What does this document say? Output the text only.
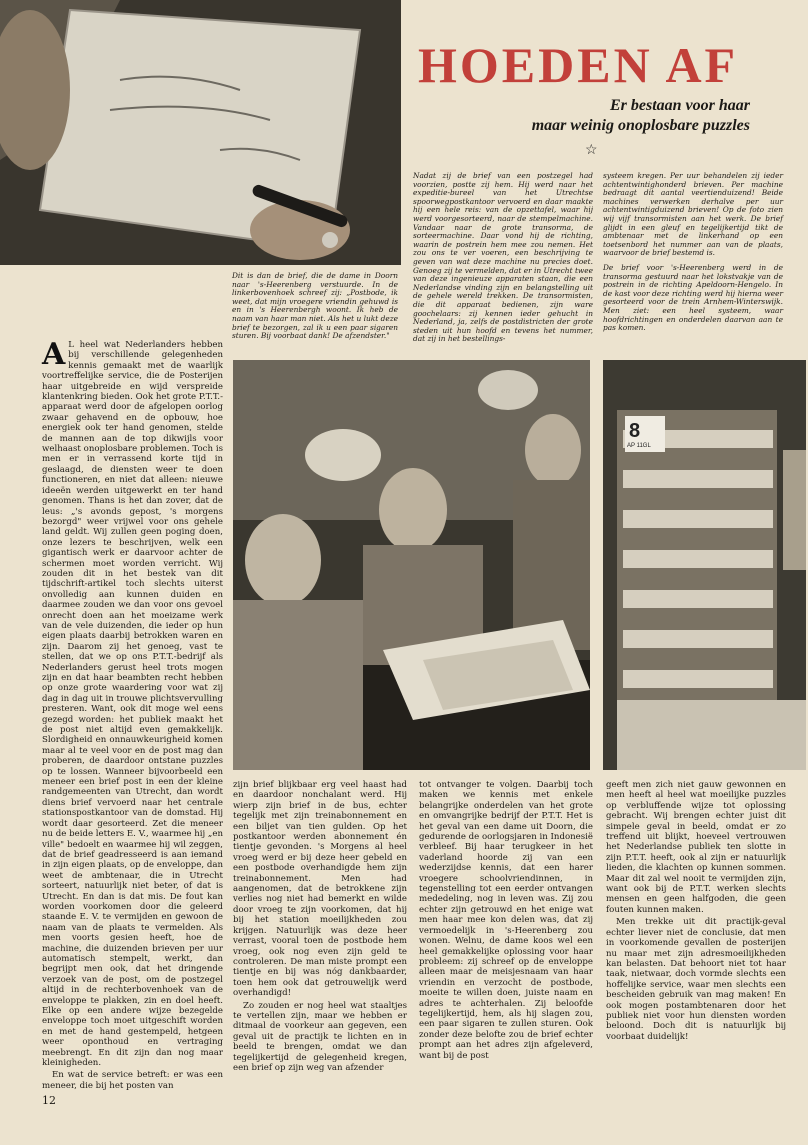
HOEDEN AF
Er bestaan voor haar
maar weinig onoplosbare puzzles
☆
Dit is dan de brief, die de dame in Doorn naar 's-Heerenberg verstuurde. In de linkerbovenhoek schreef zij: „Postbode, ik weet, dat mijn vroegere vriendin gehuwd is en in 's Heerenbergh woont. Ik heb de naam van haar man niet. Als het u lukt deze brief te bezorgen, zal ik u een paar sigaren sturen. Bij voorbaat dank! De afzendster."
Nadat zij de brief van een postzegel had voorzien, postte zij hem. Hij werd naar het expeditie-bureel van het Utrechtse spoorwegpostkantoor vervoerd en daar maakte hij een hele reis: van de opzettafel, waar hij werd voorgesorteerd, naar de stempelmachine. Vandaar naar de grote transorma, de sorteermachine. Daar vond hij de richting, waarin de postrein hem mee zou nemen. Het zou ons te ver voeren, een beschrijving te geven van wat deze machine nu precies doet. Genoeg zij te vermelden, dat er in Utrecht twee van deze ingenieuze apparaten staan, die een Nederlandse vinding zijn en belangstelling uit de gehele wereld trekken. De transormisten, die dit apparaat bedienen, zijn ware goochelaars: zij kennen ieder gehucht in Nederland, ja, zelfs de postdistricten der grote steden uit hun hoofd en tevens het nummer, dat zij in het bestellings-
systeem kregen. Per uur behandelen zij ieder achtentwintighonderd brieven. Per machine bedraagt dit aantal veertienduizend! Beide machines verwerken derhalve per uur achtentwintigduizend brieven! Op de foto zien wij vijf transormisten aan het werk. De brief glijdt in een gleuf en tegelijkertijd tikt de ambtenaar met de linkerhand op een toetsenbord het nummer aan van de plaats, waarvoor de brief bestemd is.
De brief voor 's-Heerenberg werd in de transorma gestuurd naar het lokstvakje van de postrein in de richting Apeldoorn-Hengelo. In de kast voor deze richting werd hij hierna weer gesorteerd voor de trein Arnhem-Winterswijk. Men ziet: een heel systeem, waar hoofdrichtingen en onderdelen daarvan aan te pas komen.
8
AP 11GL
A L heel wat Nederlanders hebben bij verschillende gelegenheden kennis gemaakt met de waarlijk voortreffelijke service, die de Posterijen haar uitgebreide en wijd verspreide klantenkring bieden. Ook het grote P.T.T.-apparaat werd door de afgelopen oorlog zwaar gehavend en de opbouw, hoe energiek ook ter hand genomen, stelde de mannen aan de top dikwijls voor welhaast onoplosbare problemen. Toch is men er in verrassend korte tijd in geslaagd, de diensten weer te doen functioneren, en niet dat alleen: nieuwe ideeën werden uitgewerkt en ter hand genomen. Thans is het dan zover, dat de leus: „'s avonds gepost, 's morgens bezorgd" weer vrijwel voor ons gehele land geldt. Wij zullen geen poging doen, onze lezers te beschrijven, welk een gigantisch werk er daarvoor achter de schermen moet worden verricht. Wij zouden dit in het bestek van dit tijdschrift-artikel toch slechts uiterst onvolledig aan kunnen duiden en daarmee zouden we dan voor ons gevoel onrecht doen aan het moeizame werk van de vele duizenden, die ieder op hun eigen plaats daarbij betrokken waren en zijn. Daarom zij het genoeg, vast te stellen, dat we op ons P.T.T.-bedrijf als Nederlanders gerust heel trots mogen zijn en dat haar beambten recht hebben op onze grote waardering voor wat zij dag in dag uit in trouwe plichtsvervulling presteren. Want, ook dit moge wel eens gezegd worden: het publiek maakt het de post niet altijd even gemakkelijk. Slordigheid en onnauwkeurigheid komen maar al te veel voor en de post mag dan proberen, de daardoor ontstane puzzles op te lossen. Wanneer bijvoorbeeld een meneer een brief post in een der kleine randgemeenten van Utrecht, dan wordt diens brief vervoerd naar het centrale stationspostkantoor van de domstad. Hij wordt daar gesorteerd. Zet die meneer nu de beide letters E. V., waarmee hij „en ville" bedoelt en waarmee hij wil zeggen, dat de brief geadresseerd is aan iemand in zijn eigen plaats, op de enveloppe, dan weet de ambtenaar, die in Utrecht sorteert, natuurlijk niet beter, of dat is Utrecht. En dan is dat mis. De fout kan worden voorkomen door die geleerd staande E. V. te vermijden en gewoon de naam van de plaats te vermelden. Als men voorts gesien heeft, hoe de machine, die duizenden brieven per uur automatisch stempelt, werkt, dan begrijpt men ook, dat het dringende verzoek van de post, om de postzegel altijd in de rechterbovenhoek van de enveloppe te plakken, zin en doel heeft. Elke op een andere wijze bezegelde enveloppe toch moet uitgeschift worden en met de hand gestempeld, hetgeen weer oponthoud en vertraging meebrengt. En dit zijn dan nog maar kleinigheden.

En wat de service betreft: er was een meneer, die bij het posten van

zijn brief blijkbaar erg veel haast had en daardoor nonchalant werd. Hij wierp zijn brief in de bus, echter tegelijk met zijn treinabonnement en een biljet van tien gulden. Op het postkantoor werden abonnement én tientje gevonden. 's Morgens al heel vroeg werd er bij deze heer gebeld en een postbode overhandigde hem zijn treinabonnement. Men had aangenomen, dat de betrokkene zijn verlies nog niet had bemerkt en wilde door vroeg te zijn voorkomen, dat hij bij het station moeilijkheden zou krijgen. Natuurlijk was deze heer verrast, vooral toen de postbode hem vroeg, ook nog even zijn geld te controleren. De man miste prompt een tientje en bij was nóg dankbaarder, toen hem ook dat getrouwelijk werd overhandigd!

Zo zouden er nog heel wat staaltjes te vertellen zijn, maar we hebben er ditmaal de voorkeur aan gegeven, een geval uit de practijk te lichten en in beeld te brengen, omdat we dan tegelijkertijd de gelegenheid kregen, een brief op zijn weg van afzender

tot ontvanger te volgen. Daarbij toch maken we kennis met enkele belangrijke onderdelen van het grote en omvangrijke bedrijf der P.T.T. Het is het geval van een dame uit Doorn, die gedurende de oorlogsjaren in Indonesië verbleef. Bij haar terugkeer in het vaderland hoorde zij van een wederzijdse kennis, dat een harer vroegere schoolvriendinnen, in tegenstelling tot een eerder ontvangen mededeling, nog in leven was. Zij zou echter zijn getrouwd en het enige wat men haar mee kon delen was, dat zij vermoedelijk in 's-Heerenberg zou wonen. Welnu, de dame koos wel een heel gemakkelijke oplossing voor haar probleem: zij schreef op de enveloppe alleen maar de meisjesnaam van haar vriendin en verzocht de postbode, moeite te willen doen, juiste naam en adres te achterhalen. Zij beloofde tegelijkertijd, hem, als hij slagen zou, een paar sigaren te zullen sturen. Ook zonder deze belofte zou de brief echter prompt aan het adres zijn afgeleverd, want bij de post

geeft men zich niet gauw gewonnen en men heeft al heel wat moeilijke puzzles op verbluffende wijze tot oplossing gebracht. Wij brengen echter juist dit simpele geval in beeld, omdat er zo treffend uit blijkt, hoeveel vertrouwen het Nederlandse publiek ten slotte in zijn P.T.T. heeft, ook al zijn er natuurlijk lieden, die klachten op kunnen sommen. Maar dit zal wel nooit te vermijden zijn, want ook bij de P.T.T. werken slechts mensen en geen halfgoden, die geen fouten kunnen maken.

Men trekke uit dit practijk-geval echter liever niet de conclusie, dat men in voorkomende gevallen de posterijen nu maar met zijn adresmoeilijkheden kan belasten. Dat behoort niet tot haar taak, nietwaar, doch vormde slechts een hoffelijke service, waar men slechts een bescheiden gebruik van mag maken! En ook mogen postambtenaren door het publiek niet voor hun diensten worden beloond. Doch dit is natuurlijk bij voorbaat duidelijk!

12
